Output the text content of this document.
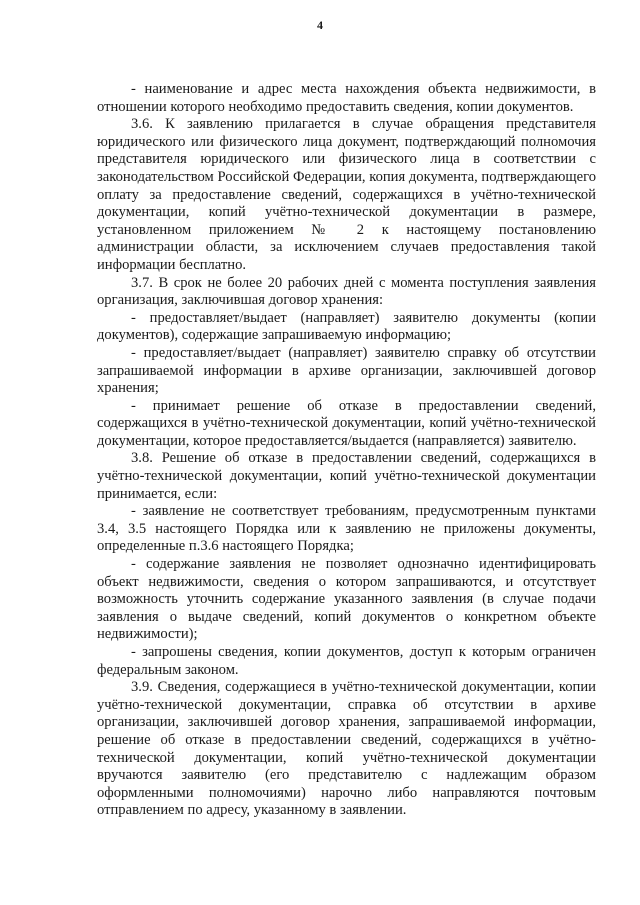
4

- наименование и адрес места нахождения объекта недвижимости, в отношении которого необходимо предоставить сведения, копии документов.

3.6. К заявлению прилагается в случае обращения представителя юридического или физического лица документ, подтверждающий полномочия представителя юридического или физического лица в соответствии с законодательством Российской Федерации, копия документа, подтверждающего оплату за предоставление сведений, содержащихся в учётно-технической документации, копий учётно-технической документации в размере, установленном приложением № 2 к настоящему постановлению администрации области, за исключением случаев предоставления такой информации бесплатно.

3.7. В срок не более 20 рабочих дней с момента поступления заявления организация, заключившая договор хранения:

- предоставляет/выдает (направляет) заявителю документы (копии документов), содержащие запрашиваемую информацию;

- предоставляет/выдает (направляет) заявителю справку об отсутствии запрашиваемой информации в архиве организации, заключившей договор хранения;

- принимает решение об отказе в предоставлении сведений, содержащихся в учётно-технической документации, копий учётно-технической документации, которое предоставляется/выдается (направляется) заявителю.

3.8. Решение об отказе в предоставлении сведений, содержащихся в учётно-технической документации, копий учётно-технической документации принимается, если:

- заявление не соответствует требованиям, предусмотренным пунктами 3.4, 3.5 настоящего Порядка или к заявлению не приложены документы, определенные п.3.6 настоящего Порядка;

- содержание заявления не позволяет однозначно идентифицировать объект недвижимости, сведения о котором запрашиваются, и отсутствует возможность уточнить содержание указанного заявления (в случае подачи заявления о выдаче сведений, копий документов о конкретном объекте недвижимости);

- запрошены сведения, копии документов, доступ к которым ограничен федеральным законом.

3.9. Сведения, содержащиеся в учётно-технической документации, копии учётно-технической документации, справка об отсутствии в архиве организации, заключившей договор хранения, запрашиваемой информации, решение об отказе в предоставлении сведений, содержащихся в учётно-технической документации, копий учётно-технической документации вручаются заявителю (его представителю с надлежащим образом оформленными полномочиями) нарочно либо направляются почтовым отправлением по адресу, указанному в заявлении.
